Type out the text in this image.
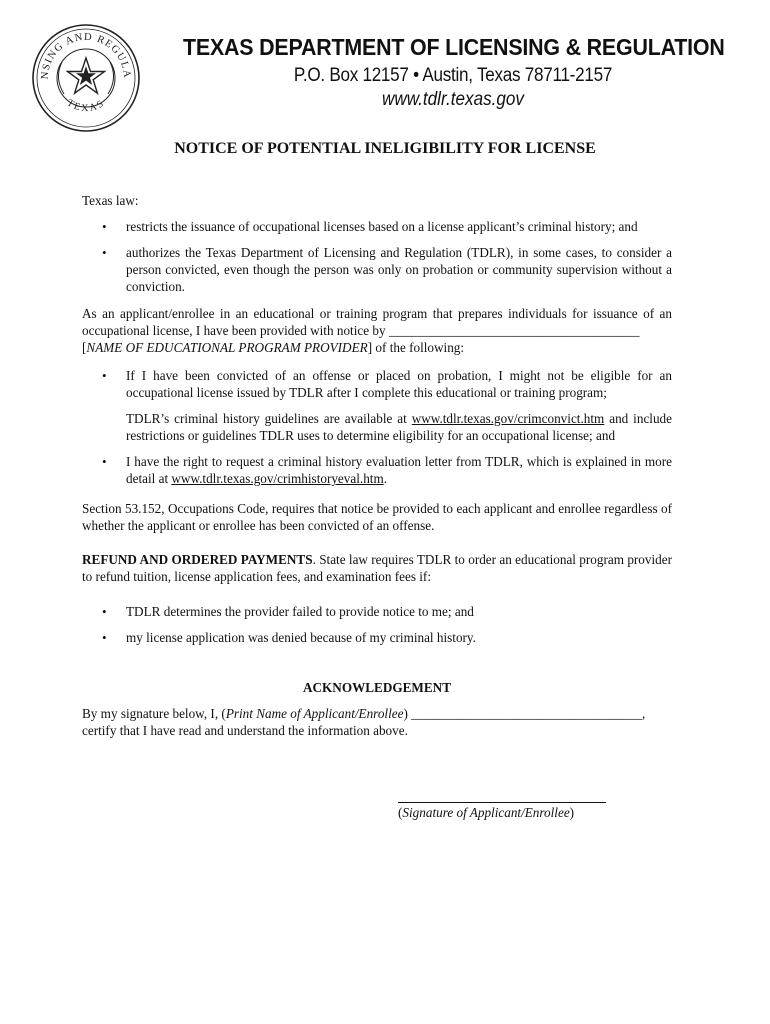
NSING AND REGULA
TEXAS
TEXAS DEPARTMENT OF LICENSING & REGULATION
P.O. Box 12157 • Austin, Texas 78711-2157
www.tdlr.texas.gov
NOTICE OF POTENTIAL INELIGIBILITY FOR LICENSE

Texas law:

• restricts the issuance of occupational licenses based on a license applicant’s criminal history; and
• authorizes the Texas Department of Licensing and Regulation (TDLR), in some cases, to consider a person convicted, even though the person was only on probation or community supervision without a conviction.

As an applicant/enrollee in an educational or training program that prepares individuals for issuance of an occupational license, I have been provided with notice by ______________________________________
[NAME OF EDUCATIONAL PROGRAM PROVIDER] of the following:

• If I have been convicted of an offense or placed on probation, I might not be eligible for an occupational license issued by TDLR after I complete this educational or training program;

TDLR’s criminal history guidelines are available at www.tdlr.texas.gov/crimconvict.htm and include restrictions or guidelines TDLR uses to determine eligibility for an occupational license; and

• I have the right to request a criminal history evaluation letter from TDLR, which is explained in more detail at www.tdlr.texas.gov/crimhistoryeval.htm.

Section 53.152, Occupations Code, requires that notice be provided to each applicant and enrollee regardless of whether the applicant or enrollee has been convicted of an offense.

REFUND AND ORDERED PAYMENTS. State law requires TDLR to order an educational program provider to refund tuition, license application fees, and examination fees if:

• TDLR determines the provider failed to provide notice to me; and
• my license application was denied because of my criminal history.

ACKNOWLEDGEMENT

By my signature below, I, (Print Name of Applicant/Enrollee) ___________________________________,
certify that I have read and understand the information above.

(Signature of Applicant/Enrollee)
